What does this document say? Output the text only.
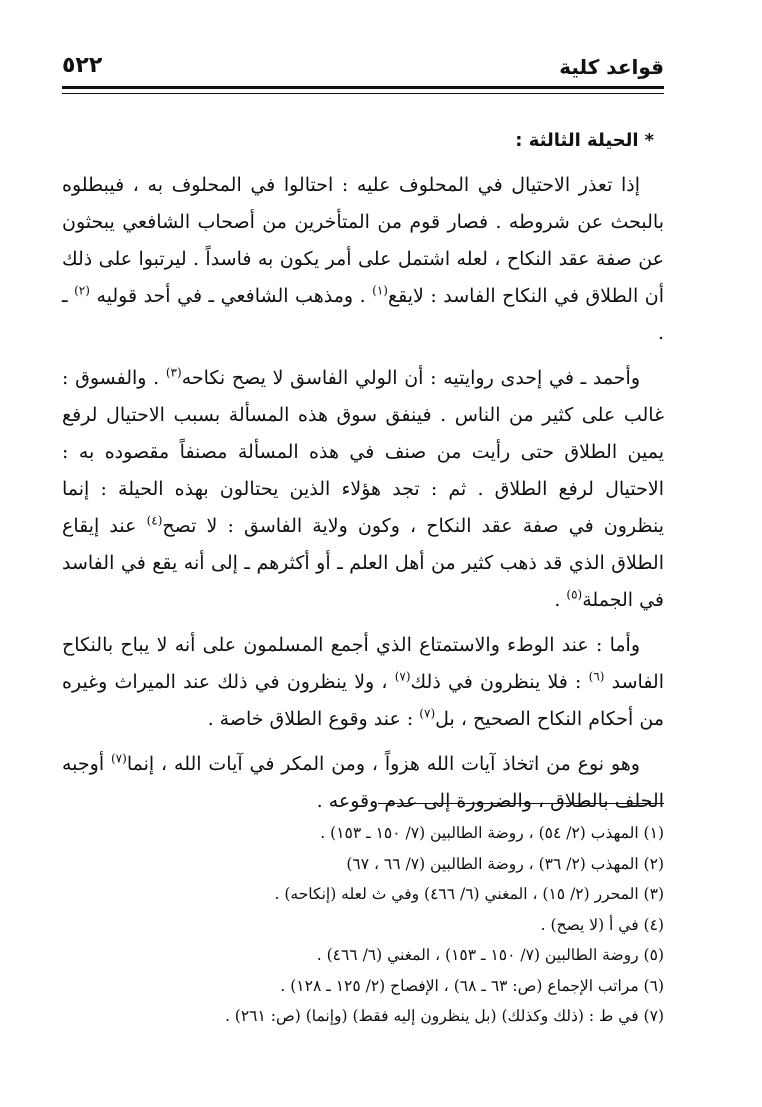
قواعد كلية
٥٢٢
*الحيلة الثالثة :

إذا تعذر الاحتيال في المحلوف عليه : احتالوا في المحلوف به ، فيبطلوه بالبحث عن شروطه . فصار قوم من المتأخرين من أصحاب الشافعي يبحثون عن صفة عقد النكاح ، لعله اشتمل على أمر يكون به فاسداً . ليرتبوا على ذلك أن الطلاق في النكاح الفاسد : لايقع$^{(١)}$ . ومذهب الشافعي ـ في أحد قوليه $^{(٢)}$ ـ .

وأحمد ـ في إحدى روايتيه : أن الولي الفاسق لا يصح نكاحه$^{(٣)}$ . والفسوق : غالب على كثير من الناس . فينفق سوق هذه المسألة بسبب الاحتيال لرفع يمين الطلاق حتى رأيت من صنف في هذه المسألة مصنفاً مقصوده به : الاحتيال لرفع الطلاق . ثم : تجد هؤلاء الذين يحتالون بهذه الحيلة : إنما ينظرون في صفة عقد النكاح ، وكون ولاية الفاسق : لا تصح$^{(٤)}$ عند إيقاع الطلاق الذي قد ذهب كثير من أهل العلم ـ أو أكثرهم ـ إلى أنه يقع في الفاسد في الجملة$^{(٥)}$ .

وأما : عند الوطء والاستمتاع الذي أجمع المسلمون على أنه لا يباح بالنكاح الفاسد $^{(٦)}$ : فلا ينظرون في ذلك$^{(٧)}$ ، ولا ينظرون في ذلك عند الميراث وغيره من أحكام النكاح الصحيح ، بل$^{(٧)}$ : عند وقوع الطلاق خاصة .

وهو نوع من اتخاذ آيات الله هزواً ، ومن المكر في آيات الله ، إنما$^{(٧)}$ أوجبه الحلف بالطلاق ، والضرورة إلى عدم وقوعه .

(١) المهذب (٢/ ٥٤) ، روضة الطالبين (٧/ ١٥٠ ـ ١٥٣) .
(٢) المهذب (٢/ ٣٦) ، روضة الطالبين (٧/ ٦٦ ، ٦٧)
(٣) المحرر (٢/ ١٥) ، المغني (٦/ ٤٦٦) وفي ث لعله (إنكاحه) .
(٤) في أ (لا يصح) .
(٥) روضة الطالبين (٧/ ١٥٠ ـ ١٥٣) ، المغني (٦/ ٤٦٦) .
(٦) مراتب الإجماع (ص: ٦٣ ـ ٦٨) ، الإفصاح (٢/ ١٢٥ ـ ١٢٨) .
(٧) في ط : (ذلك وكذلك) (بل ينظرون إليه فقط) (وإنما) (ص: ٢٦١) .
